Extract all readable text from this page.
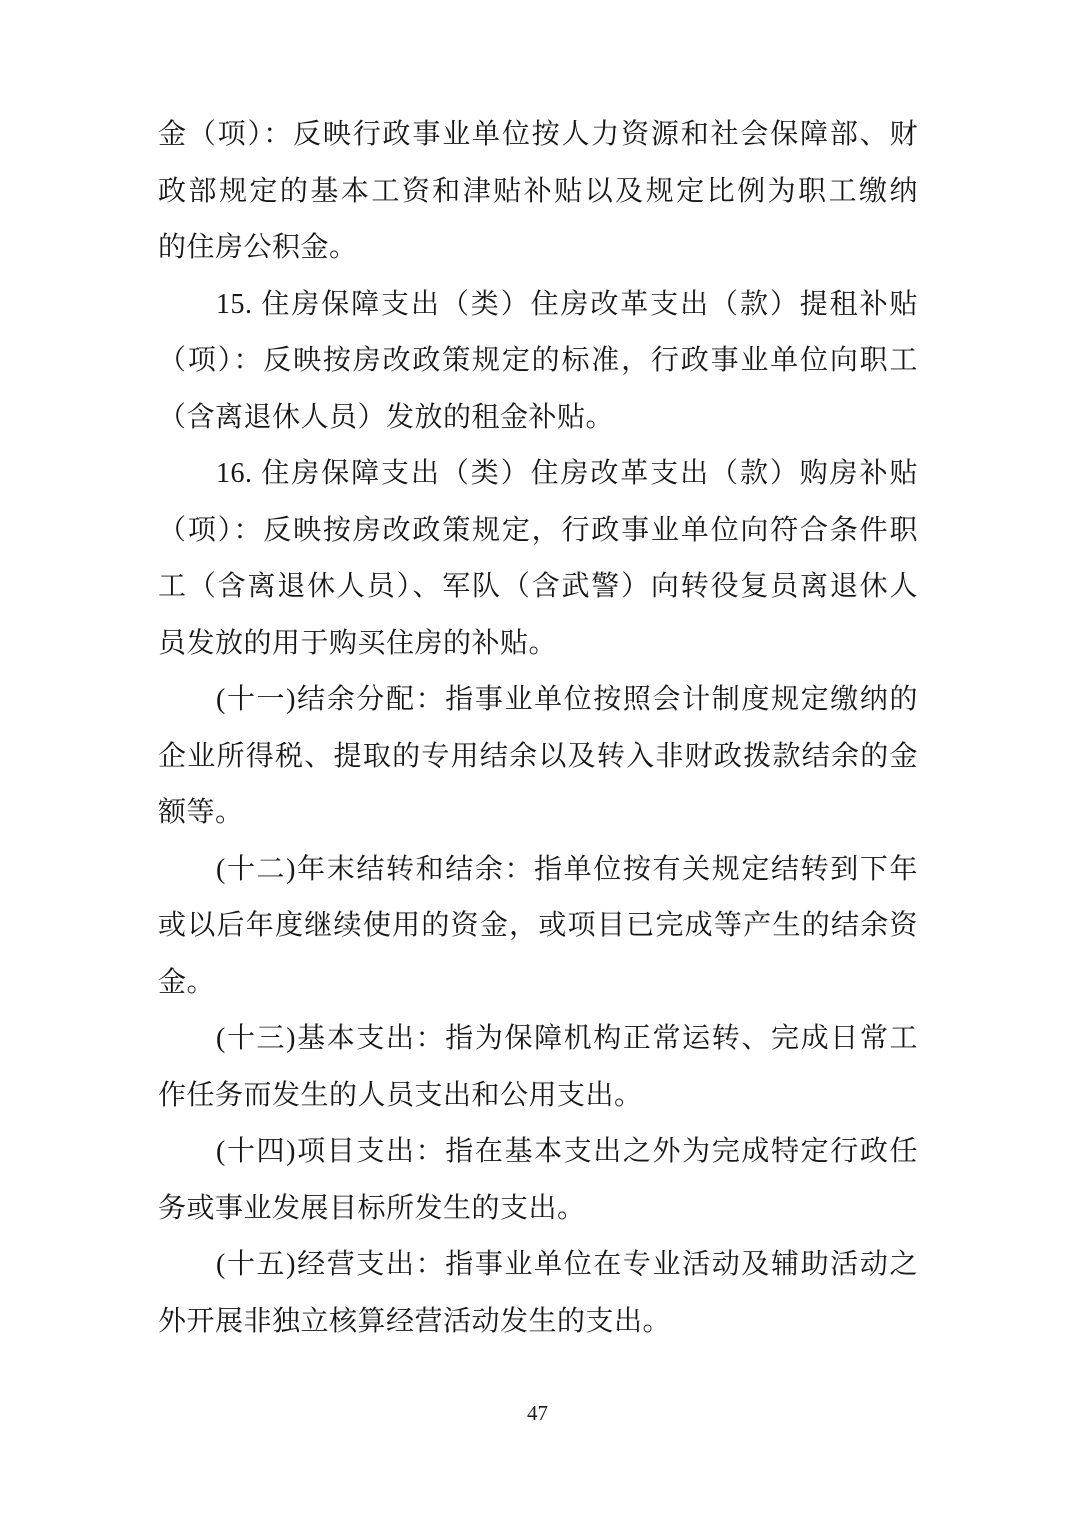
金（项）：反映行政事业单位按人力资源和社会保障部、财
政部规定的基本工资和津贴补贴以及规定比例为职工缴纳
的住房公积金。
15. 住房保障支出（类）住房改革支出（款）提租补贴
（项）：反映按房改政策规定的标准，行政事业单位向职工
（含离退休人员）发放的租金补贴。
16. 住房保障支出（类）住房改革支出（款）购房补贴
（项）：反映按房改政策规定，行政事业单位向符合条件职
工（含离退休人员）、军队（含武警）向转役复员离退休人
员发放的用于购买住房的补贴。
(十一)结余分配：指事业单位按照会计制度规定缴纳的
企业所得税、提取的专用结余以及转入非财政拨款结余的金
额等。
(十二)年末结转和结余：指单位按有关规定结转到下年
或以后年度继续使用的资金，或项目已完成等产生的结余资
金。
(十三)基本支出：指为保障机构正常运转、完成日常工
作任务而发生的人员支出和公用支出。
(十四)项目支出：指在基本支出之外为完成特定行政任
务或事业发展目标所发生的支出。
(十五)经营支出：指事业单位在专业活动及辅助活动之
外开展非独立核算经营活动发生的支出。
47
